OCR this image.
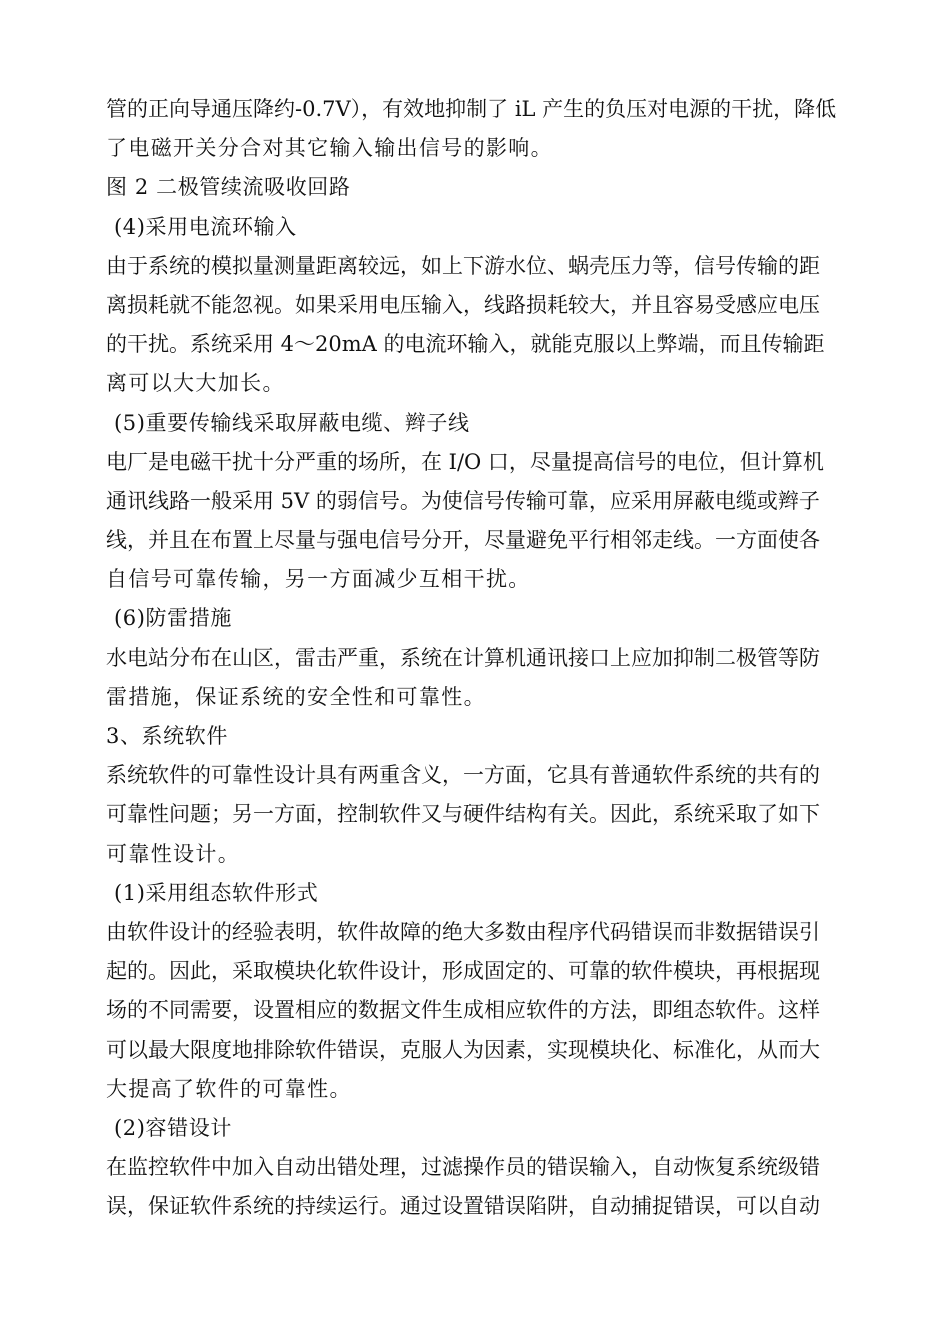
管的正向导通压降约-0.7V），有效地抑制了 iL 产生的负压对电源的干扰，降低
了电磁开关分合对其它输入输出信号的影响。
图 2 二极管续流吸收回路
(4)采用电流环输入
由于系统的模拟量测量距离较远，如上下游水位、蜗壳压力等，信号传输的距
离损耗就不能忽视。如果采用电压输入，线路损耗较大，并且容易受感应电压
的干扰。系统采用 4～20mA 的电流环输入，就能克服以上弊端，而且传输距
离可以大大加长。
(5)重要传输线采取屏蔽电缆、辫子线
电厂是电磁干扰十分严重的场所，在 I/O 口，尽量提高信号的电位，但计算机
通讯线路一般采用 5V 的弱信号。为使信号传输可靠，应采用屏蔽电缆或辫子
线，并且在布置上尽量与强电信号分开，尽量避免平行相邻走线。一方面使各
自信号可靠传输，另一方面减少互相干扰。
(6)防雷措施
水电站分布在山区，雷击严重，系统在计算机通讯接口上应加抑制二极管等防
雷措施，保证系统的安全性和可靠性。
3、系统软件
系统软件的可靠性设计具有两重含义，一方面，它具有普通软件系统的共有的
可靠性问题；另一方面，控制软件又与硬件结构有关。因此，系统采取了如下
可靠性设计。
(1)采用组态软件形式
由软件设计的经验表明，软件故障的绝大多数由程序代码错误而非数据错误引
起的。因此，采取模块化软件设计，形成固定的、可靠的软件模块，再根据现
场的不同需要，设置相应的数据文件生成相应软件的方法，即组态软件。这样
可以最大限度地排除软件错误，克服人为因素，实现模块化、标准化，从而大
大提高了软件的可靠性。
(2)容错设计
在监控软件中加入自动出错处理，过滤操作员的错误输入，自动恢复系统级错
误，保证软件系统的持续运行。通过设置错误陷阱，自动捕捉错误，可以自动
